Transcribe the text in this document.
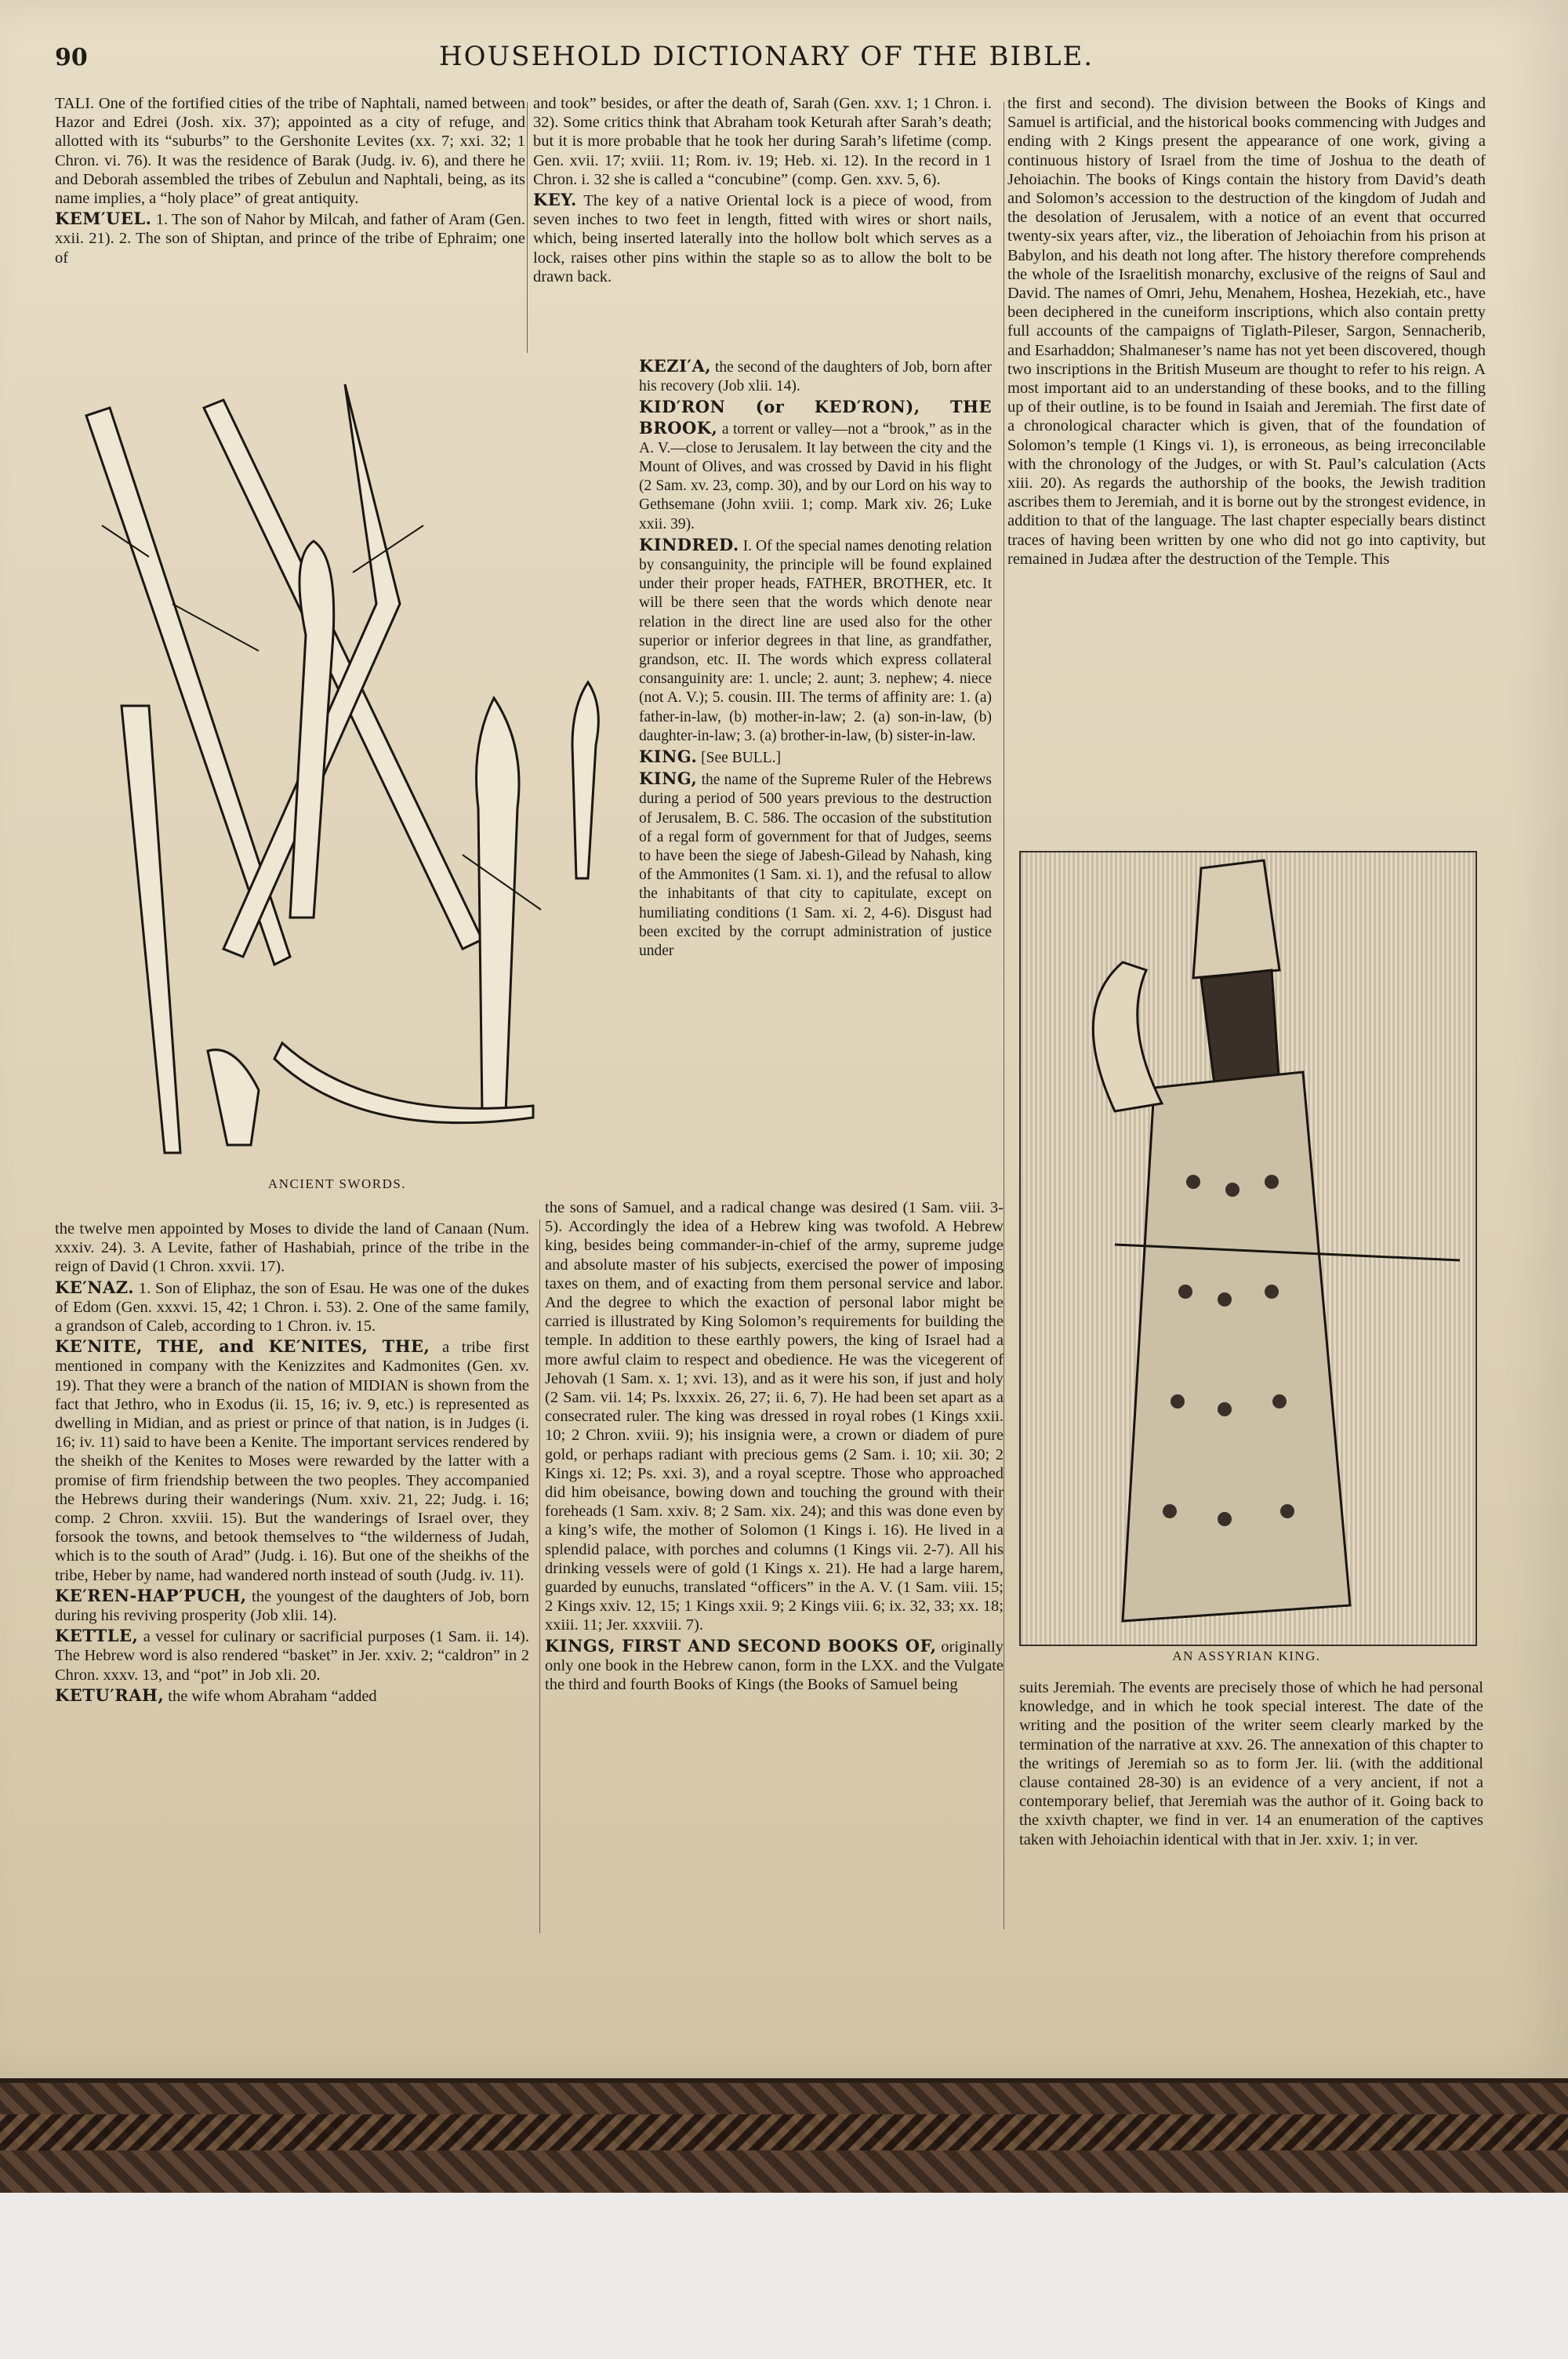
90	HOUSEHOLD DICTIONARY OF THE BIBLE.

TALI. One of the fortified cities of the tribe of Naphtali, named between Hazor and Edrei (Josh. xix. 37); appointed as a city of refuge, and allotted with its “suburbs” to the Gershonite Levites (xx. 7; xxi. 32; 1 Chron. vi. 76). It was the residence of Barak (Judg. iv. 6), and there he and Deborah assembled the tribes of Zebulun and Naphtali, being, as its name implies, a “holy place” of great antiquity.

KEM′UEL. 1. The son of Nahor by Milcah, and father of Aram (Gen. xxii. 21). 2. The son of Shiptan, and prince of the tribe of Ephraim; one of

ANCIENT SWORDS.

the twelve men appointed by Moses to divide the land of Canaan (Num. xxxiv. 24). 3. A Levite, father of Hashabiah, prince of the tribe in the reign of David (1 Chron. xxvii. 17).

KE′NAZ. 1. Son of Eliphaz, the son of Esau. He was one of the dukes of Edom (Gen. xxxvi. 15, 42; 1 Chron. i. 53). 2. One of the same family, a grandson of Caleb, according to 1 Chron. iv. 15.

KE′NITE, THE, and KE′NITES, THE, a tribe first mentioned in company with the Kenizzites and Kadmonites (Gen. xv. 19). That they were a branch of the nation of MIDIAN is shown from the fact that Jethro, who in Exodus (ii. 15, 16; iv. 9, etc.) is represented as dwelling in Midian, and as priest or prince of that nation, is in Judges (i. 16; iv. 11) said to have been a Kenite. The important services rendered by the sheikh of the Kenites to Moses were rewarded by the latter with a promise of firm friendship between the two peoples. They accompanied the Hebrews during their wanderings (Num. xxiv. 21, 22; Judg. i. 16; comp. 2 Chron. xxviii. 15). But the wanderings of Israel over, they forsook the towns, and betook themselves to “the wilderness of Judah, which is to the south of Arad” (Judg. i. 16). But one of the sheikhs of the tribe, Heber by name, had wandered north instead of south (Judg. iv. 11).

KE′REN-HAP′PUCH, the youngest of the daughters of Job, born during his reviving prosperity (Job xlii. 14).

KETTLE, a vessel for culinary or sacrificial purposes (1 Sam. ii. 14). The Hebrew word is also rendered “basket” in Jer. xxiv. 2; “caldron” in 2 Chron. xxxv. 13, and “pot” in Job xli. 20.

KETU′RAH, the wife whom Abraham “added

and took” besides, or after the death of, Sarah (Gen. xxv. 1; 1 Chron. i. 32). Some critics think that Abraham took Keturah after Sarah’s death; but it is more probable that he took her during Sarah’s lifetime (comp. Gen. xvii. 17; xviii. 11; Rom. iv. 19; Heb. xi. 12). In the record in 1 Chron. i. 32 she is called a “concubine” (comp. Gen. xxv. 5, 6).

KEY. The key of a native Oriental lock is a piece of wood, from seven inches to two feet in length, fitted with wires or short nails, which, being inserted laterally into the hollow bolt which serves as a lock, raises other pins within the staple so as to allow the bolt to be drawn back.

KEZI′A, the second of the daughters of Job, born after his recovery (Job xlii. 14).

KID′RON (or KED′RON), THE BROOK, a torrent or valley—not a “brook,” as in the A. V.—close to Jerusalem. It lay between the city and the Mount of Olives, and was crossed by David in his flight (2 Sam. xv. 23, comp. 30), and by our Lord on his way to Gethsemane (John xviii. 1; comp. Mark xiv. 26; Luke xxii. 39).

KINDRED. I. Of the special names denoting relation by consanguinity, the principle will be found explained under their proper heads, FATHER, BROTHER, etc. It will be there seen that the words which denote near relation in the direct line are used also for the other superior or inferior degrees in that line, as grandfather, grandson, etc. II. The words which express collateral consanguinity are: 1. uncle; 2. aunt; 3. nephew; 4. niece (not A. V.); 5. cousin. III. The terms of affinity are: 1. (a) father-in-law, (b) mother-in-law; 2. (a) son-in-law, (b) daughter-in-law; 3. (a) brother-in-law, (b) sister-in-law.

KING. [See BULL.]

KING, the name of the Supreme Ruler of the Hebrews during a period of 500 years previous to the destruction of Jerusalem, B. C. 586. The occasion of the substitution of a regal form of government for that of Judges, seems to have been the siege of Jabesh-Gilead by Nahash, king of the Ammonites (1 Sam. xi. 1), and the refusal to allow the inhabitants of that city to capitulate, except on humiliating conditions (1 Sam. xi. 2, 4-6). Disgust had been excited by the corrupt administration of justice under

the sons of Samuel, and a radical change was desired (1 Sam. viii. 3-5). Accordingly the idea of a Hebrew king was twofold. A Hebrew king, besides being commander-in-chief of the army, supreme judge and absolute master of his subjects, exercised the power of imposing taxes on them, and of exacting from them personal service and labor. And the degree to which the exaction of personal labor might be carried is illustrated by King Solomon’s requirements for building the temple. In addition to these earthly powers, the king of Israel had a more awful claim to respect and obedience. He was the vicegerent of Jehovah (1 Sam. x. 1; xvi. 13), and as it were his son, if just and holy (2 Sam. vii. 14; Ps. lxxxix. 26, 27; ii. 6, 7). He had been set apart as a consecrated ruler. The king was dressed in royal robes (1 Kings xxii. 10; 2 Chron. xviii. 9); his insignia were, a crown or diadem of pure gold, or perhaps radiant with precious gems (2 Sam. i. 10; xii. 30; 2 Kings xi. 12; Ps. xxi. 3), and a royal sceptre. Those who approached did him obeisance, bowing down and touching the ground with their foreheads (1 Sam. xxiv. 8; 2 Sam. xix. 24); and this was done even by a king’s wife, the mother of Solomon (1 Kings i. 16). He lived in a splendid palace, with porches and columns (1 Kings vii. 2-7). All his drinking vessels were of gold (1 Kings x. 21). He had a large harem, guarded by eunuchs, translated “officers” in the A. V. (1 Sam. viii. 15; 2 Kings xxiv. 12, 15; 1 Kings xxii. 9; 2 Kings viii. 6; ix. 32, 33; xx. 18; xxiii. 11; Jer. xxxviii. 7).

KINGS, FIRST AND SECOND BOOKS OF, originally only one book in the Hebrew canon, form in the LXX. and the Vulgate the third and fourth Books of Kings (the Books of Samuel being

the first and second). The division between the Books of Kings and Samuel is artificial, and the historical books commencing with Judges and ending with 2 Kings present the appearance of one work, giving a continuous history of Israel from the time of Joshua to the death of Jehoiachin. The books of Kings contain the history from David’s death and Solomon’s accession to the destruction of the kingdom of Judah and the desolation of Jerusalem, with a notice of an event that occurred twenty-six years after, viz., the liberation of Jehoiachin from his prison at Babylon, and his death not long after. The history therefore comprehends the whole of the Israelitish monarchy, exclusive of the reigns of Saul and David. The names of Omri, Jehu, Menahem, Hoshea, Hezekiah, etc., have been deciphered in the cuneiform inscriptions, which also contain pretty full accounts of the campaigns of Tiglath-Pileser, Sargon, Sennacherib, and Esarhaddon; Shalmaneser’s name has not yet been discovered, though two inscriptions in the British Museum are thought to refer to his reign. A most important aid to an understanding of these books, and to the filling up of their outline, is to be found in Isaiah and Jeremiah. The first date of a chronological character which is given, that of the foundation of Solomon’s temple (1 Kings vi. 1), is erroneous, as being irreconcilable with the chronology of the Judges, or with St. Paul’s calculation (Acts xiii. 20). As regards the authorship of the books, the Jewish tradition ascribes them to Jeremiah, and it is borne out by the strongest evidence, in addition to that of the language. The last chapter especially bears distinct traces of having been written by one who did not go into captivity, but remained in Judæa after the destruction of the Temple. This

AN ASSYRIAN KING.

suits Jeremiah. The events are precisely those of which he had personal knowledge, and in which he took special interest. The date of the writing and the position of the writer seem clearly marked by the termination of the narrative at xxv. 26. The annexation of this chapter to the writings of Jeremiah so as to form Jer. lii. (with the additional clause contained 28-30) is an evidence of a very ancient, if not a contemporary belief, that Jeremiah was the author of it. Going back to the xxivth chapter, we find in ver. 14 an enumeration of the captives taken with Jehoiachin identical with that in Jer. xxiv. 1; in ver.
